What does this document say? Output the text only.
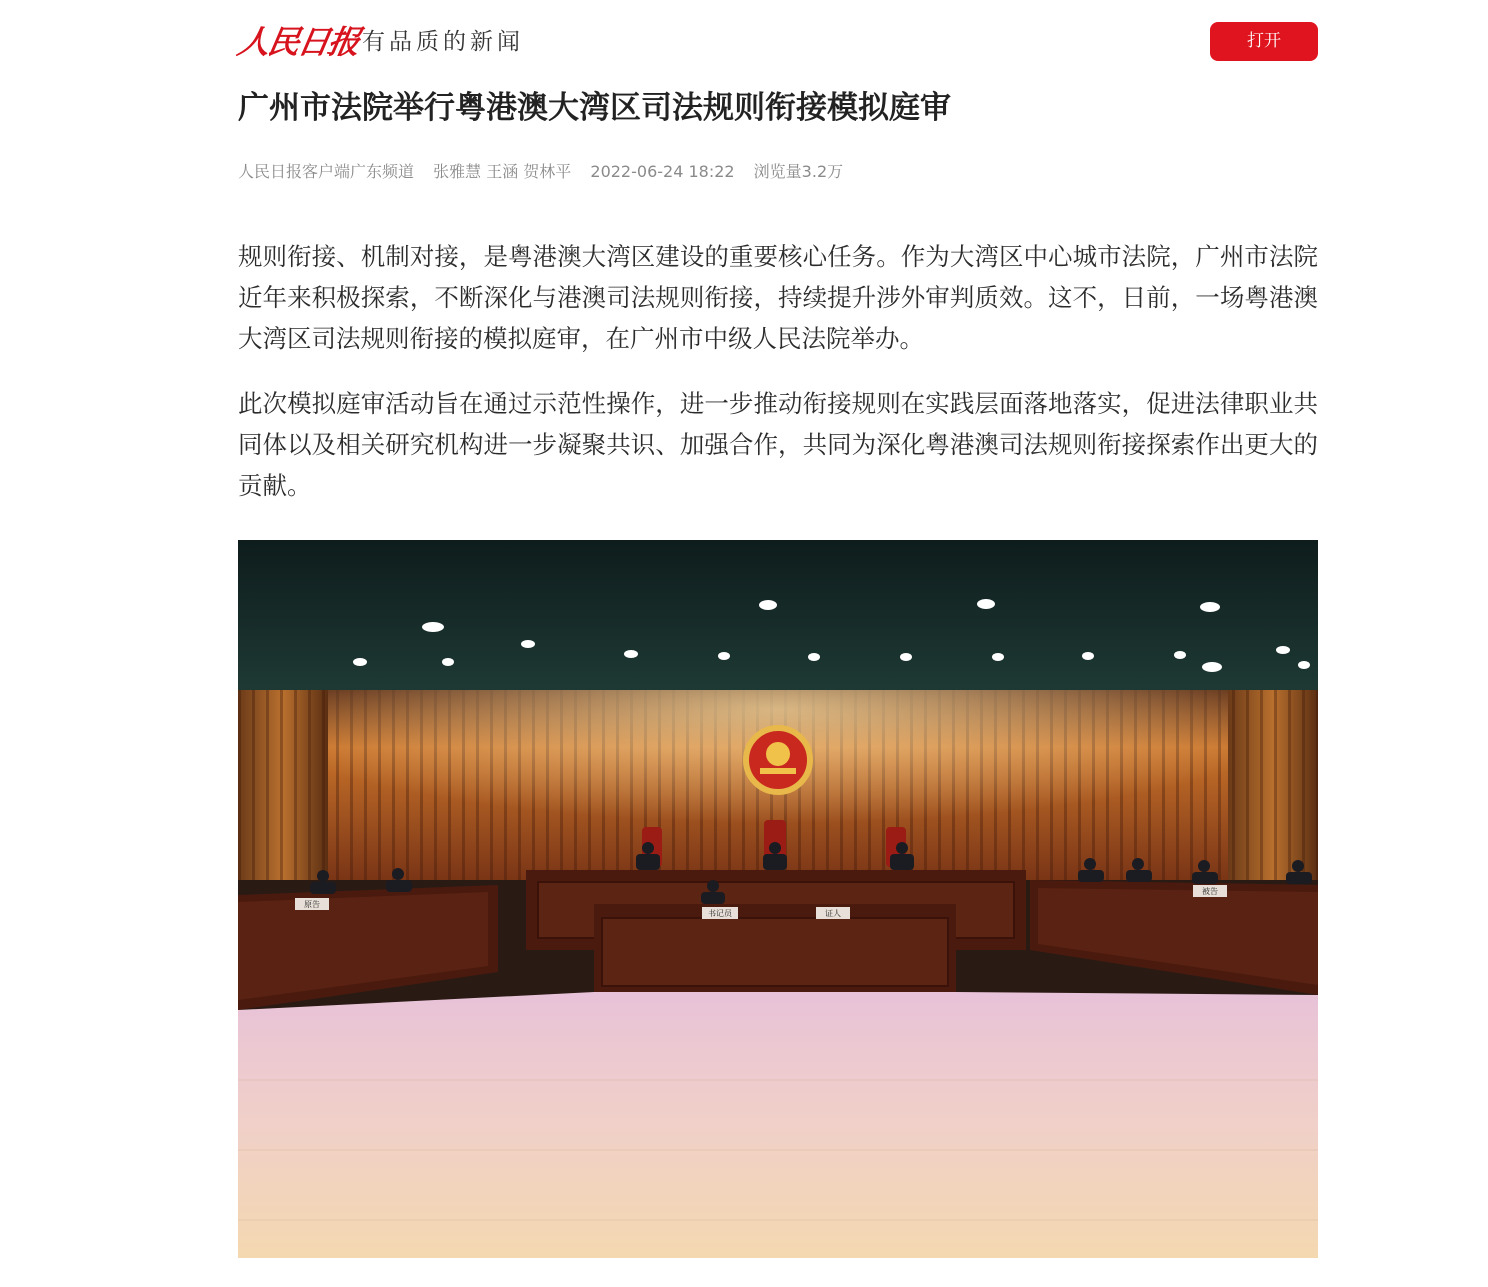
人民日报 有品质的新闻	打开
广州市法院举行粤港澳大湾区司法规则衔接模拟庭审
人民日报客户端广东频道 张雅慧 王涵 贺林平 2022-06-24 18:22 浏览量3.2万

规则衔接、机制对接，是粤港澳大湾区建设的重要核心任务。作为大湾区中心城市法院，广州市法院近年来积极探索，不断深化与港澳司法规则衔接，持续提升涉外审判质效。这不，日前，一场粤港澳大湾区司法规则衔接的模拟庭审，在广州市中级人民法院举办。

此次模拟庭审活动旨在通过示范性操作，进一步推动衔接规则在实践层面落地落实，促进法律职业共同体以及相关研究机构进一步凝聚共识、加强合作，共同为深化粤港澳司法规则衔接探索作出更大的贡献。

原告
被告
书记员	证人
